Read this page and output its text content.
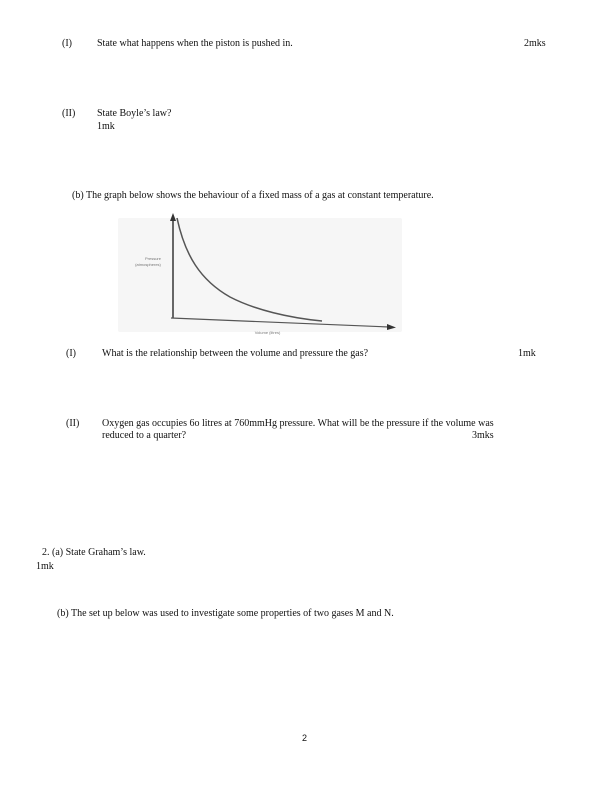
(I)	State what happens when the piston is pushed in.	2mks
(II) State Boyle’s law?
1mk
(b) The graph below shows the behaviour of a fixed mass of a gas at constant temperature.
Pressure
(atmospheres)
Volume (litres)
(I)	What is the relationship between the volume and pressure the gas?	1mk
(II) Oxygen gas occupies 6o litres at 760mmHg pressure. What will be the pressure if the volume was
reduced to a quarter?	3mks
2. (a) State Graham’s law.
1mk
(b) The set up below was used to investigate some properties of two gases M and N.
2
